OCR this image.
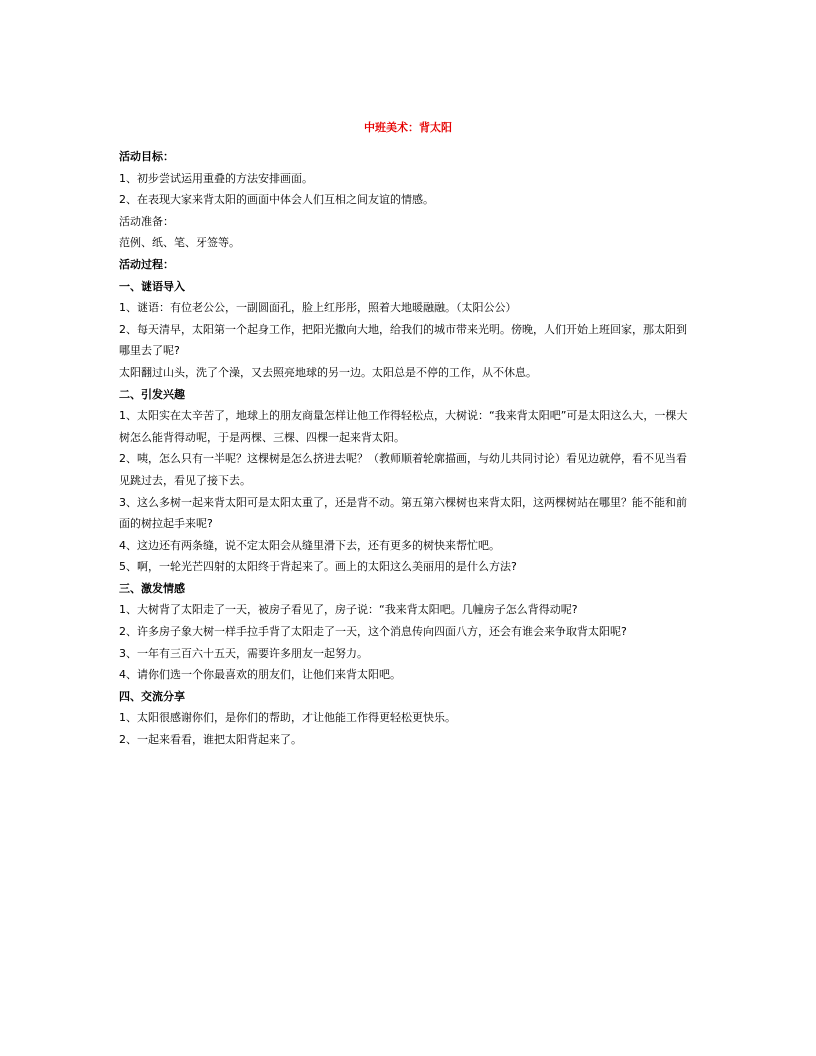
中班美术：背太阳

活动目标：

1、初步尝试运用重叠的方法安排画面。

2、在表现大家来背太阳的画面中体会人们互相之间友谊的情感。

活动准备：

范例、纸、笔、牙签等。

活动过程：

一、谜语导入

1、谜语：有位老公公，一副圆面孔，脸上红彤彤，照着大地暖融融。（太阳公公）

2、每天清早，太阳第一个起身工作，把阳光撒向大地，给我们的城市带来光明。傍晚，人们开始上班回家，那太阳到哪里去了呢?

太阳翻过山头，洗了个澡，又去照亮地球的另一边。太阳总是不停的工作，从不休息。

二、引发兴趣

1、太阳实在太辛苦了，地球上的朋友商量怎样让他工作得轻松点，大树说：“我来背太阳吧”可是太阳这么大，一棵大树怎么能背得动呢，于是两棵、三棵、四棵一起来背太阳。

2、咦，怎么只有一半呢？这棵树是怎么挤进去呢？（教师顺着轮廓描画，与幼儿共同讨论）看见边就停，看不见当看见跳过去，看见了接下去。

3、这么多树一起来背太阳可是太阳太重了，还是背不动。第五第六棵树也来背太阳，这两棵树站在哪里？能不能和前面的树拉起手来呢?

4、这边还有两条缝，说不定太阳会从缝里滑下去，还有更多的树快来帮忙吧。

5、啊，一轮光芒四射的太阳终于背起来了。画上的太阳这么美丽用的是什么方法?

三、激发情感

1、大树背了太阳走了一天，被房子看见了，房子说：“我来背太阳吧。几幢房子怎么背得动呢?

2、许多房子象大树一样手拉手背了太阳走了一天，这个消息传向四面八方，还会有谁会来争取背太阳呢?

3、一年有三百六十五天，需要许多朋友一起努力。

4、请你们选一个你最喜欢的朋友们，让他们来背太阳吧。

四、交流分享

1、太阳很感谢你们，是你们的帮助，才让他能工作得更轻松更快乐。

2、一起来看看，谁把太阳背起来了。
